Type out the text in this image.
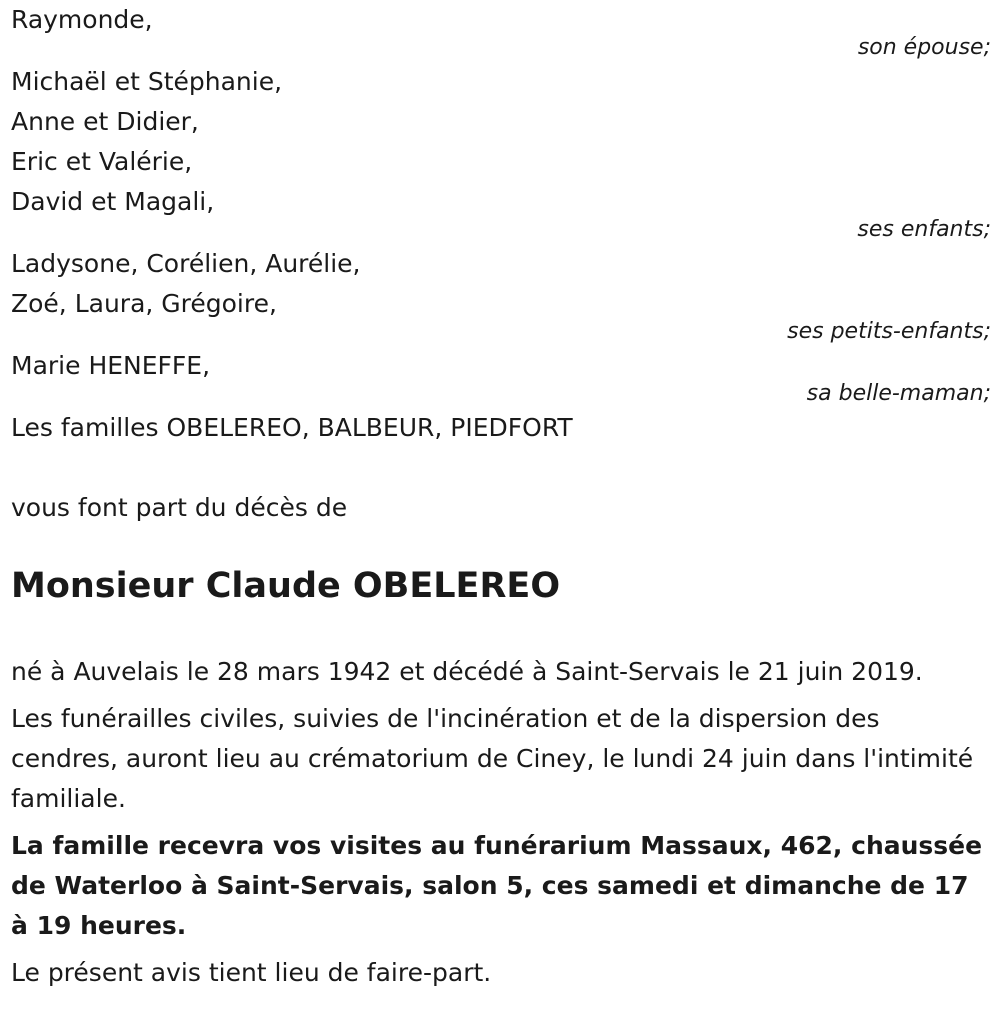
Raymonde,
son épouse;
Michaël et Stéphanie,
Anne et Didier,
Eric et Valérie,
David et Magali,
ses enfants;
Ladysone, Corélien, Aurélie,
Zoé, Laura, Grégoire,
ses petits-enfants;
Marie HENEFFE,
sa belle-maman;
Les familles OBELEREO, BALBEUR, PIEDFORT
vous font part du décès de
Monsieur Claude OBELEREO
né à Auvelais le 28 mars 1942 et décédé à Saint-Servais le 21 juin 2019.
Les funérailles civiles, suivies de l'incinération et de la dispersion des cendres, auront lieu au crématorium de Ciney, le lundi 24 juin dans l'intimité familiale.
La famille recevra vos visites au funérarium Massaux, 462, chaussée de Waterloo à Saint-Servais, salon 5, ces samedi et dimanche de 17 à 19 heures.
Le présent avis tient lieu de faire-part.
